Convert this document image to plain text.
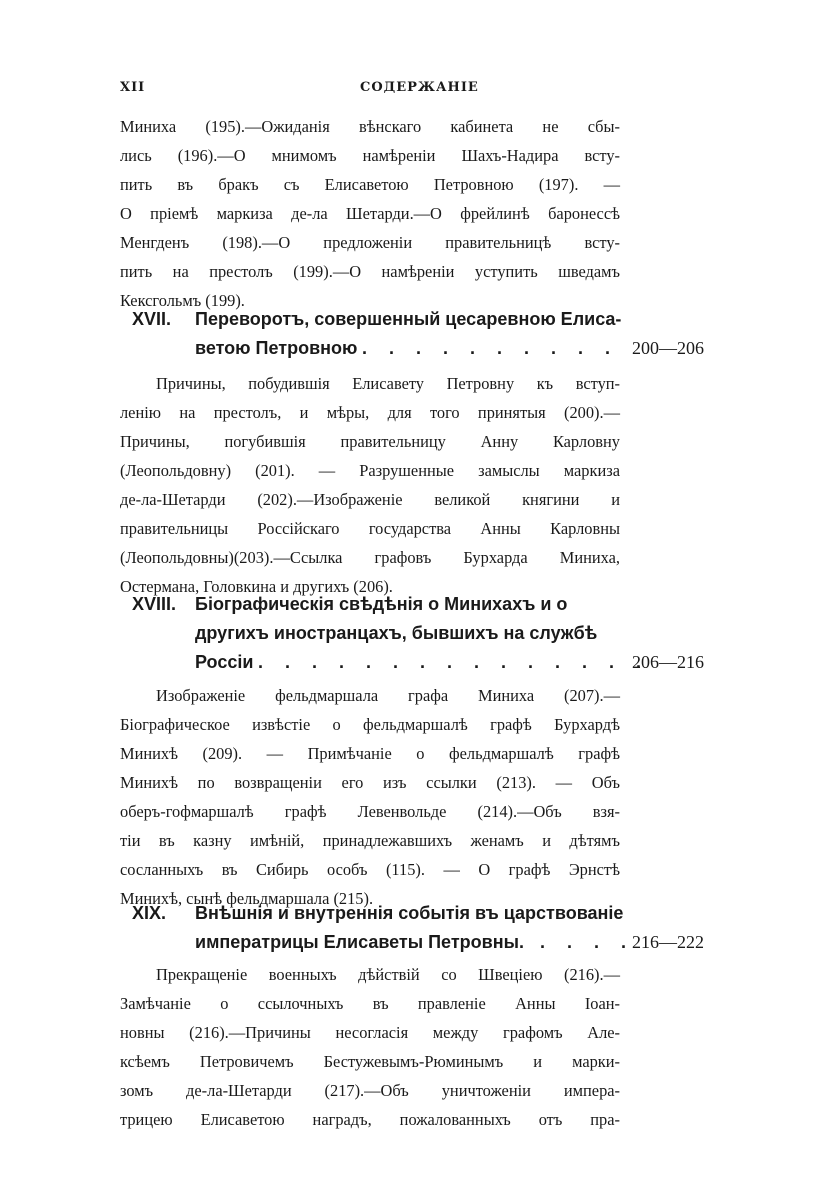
XII	СОДЕРЖАНІЕ
Миниха (195).—Ожиданія вѣнскаго кабинета не сбы-
лись (196).—О мнимомъ намѣреніи Шахъ-Надира всту-
пить въ бракъ съ Елисаветою Петровною (197). —
О пріемѣ маркиза де-ла Шетарди.—О фрейлинѣ баронессѣ
Менгденъ (198).—О предложеніи правительницѣ всту-
пить на престолъ (199).—О намѣреніи уступить шведамъ
Кексгольмъ (199).
XVII. Переворотъ, совершенный цесаревною Елиса-
ветою Петровною . . . . . . . . . . 200—206
Причины, побудившія Елисавету Петровну къ вступ-
ленію на престолъ, и мѣры, для того принятыя (200).—
Причины, погубившія правительницу Анну Карловну
(Леопольдовну) (201). — Разрушенные замыслы маркиза
де-ла-Шетарди (202).—Изображеніе великой княгини и
правительницы Россійскаго государства Анны Карловны
(Леопольдовны)(203).—Ссылка графовъ Бурхарда Миниха,
Остермана, Головкина и другихъ (206).
XVIII. Біографическія свѣдѣнія о Минихахъ и о
другихъ иностранцахъ, бывшихъ на службѣ
Россіи . . . . . . . . . . . . . . .
206—216
Изображеніе фельдмаршала графа Миниха (207).—
Біографическое извѣстіе о фельдмаршалѣ графѣ Бурхардѣ
Минихѣ (209). — Примѣчаніе о фельдмаршалѣ графѣ
Минихѣ по возвращеніи его изъ ссылки (213). — Объ
оберъ-гофмаршалѣ графѣ Левенвольде (214).—Объ взя-
тіи въ казну имѣній, принадлежавшихъ женамъ и дѣтямъ
сосланныхъ въ Сибирь особъ (115). — О графѣ Эрнстѣ
Минихѣ, сынѣ фельдмаршала (215).
XIX. Внѣшнія и внутреннія событія въ царствованіе
императрицы Елисаветы Петровны. . . . .
216—222
Прекращеніе военныхъ дѣйствій со Швеціею (216).—
Замѣчаніе о ссылочныхъ въ правленіе Анны Іоан-
новны (216).—Причины несогласія между графомъ Але-
ксѣемъ Петровичемъ Бестужевымъ-Рюминымъ и марки-
зомъ де-ла-Шетарди (217).—Объ уничтоженіи импера-
трицею Елисаветою наградъ, пожалованныхъ отъ пра-
